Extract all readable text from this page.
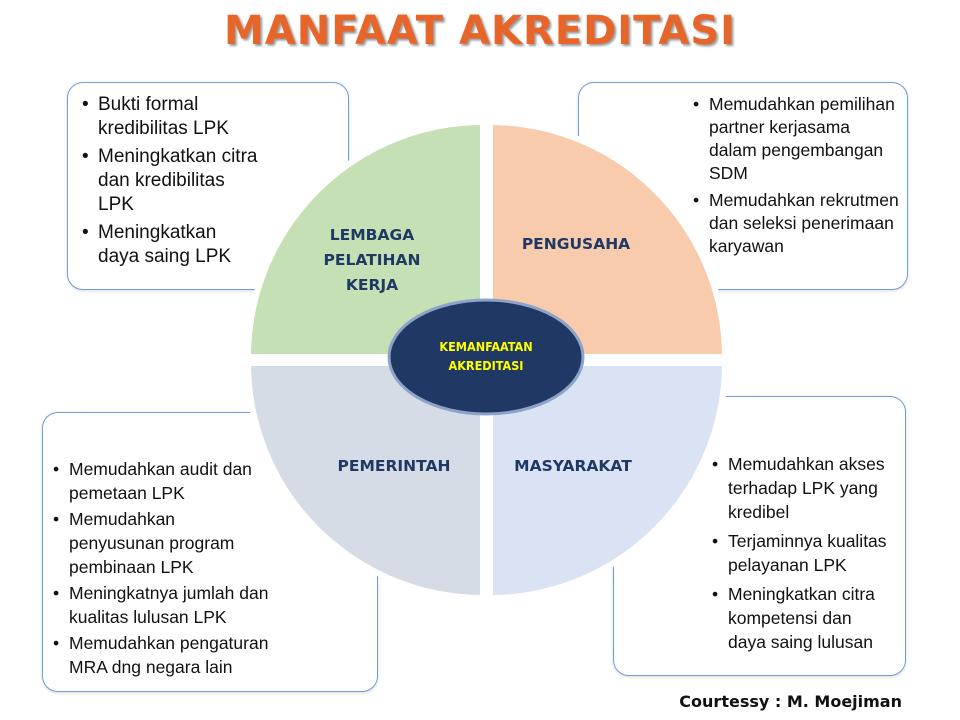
MANFAAT AKREDITASI
• Bukti formal
kredibilitas LPK
• Meningkatkan citra
dan kredibilitas
LPK
• Meningkatkan
daya saing LPK
• Memudahkan pemilihan
partner kerjasama
dalam pengembangan
SDM
• Memudahkan rekrutmen
dan seleksi penerimaan
karyawan
• Memudahkan audit dan
pemetaan LPK
• Memudahkan
penyusunan program
pembinaan LPK
• Meningkatnya jumlah dan
kualitas lulusan LPK
• Memudahkan pengaturan
MRA dng negara lain
• Memudahkan akses
terhadap LPK yang
kredibel
• Terjaminnya kualitas
pelayanan LPK
• Meningkatkan citra
kompetensi dan
daya saing lulusan
LEMBAGA
PELATIHAN
KERJA
PENGUSAHA
PEMERINTAH	MASYARAKAT
KEMANFAATAN
AKREDITASI
Courtessy : M. Moejiman
